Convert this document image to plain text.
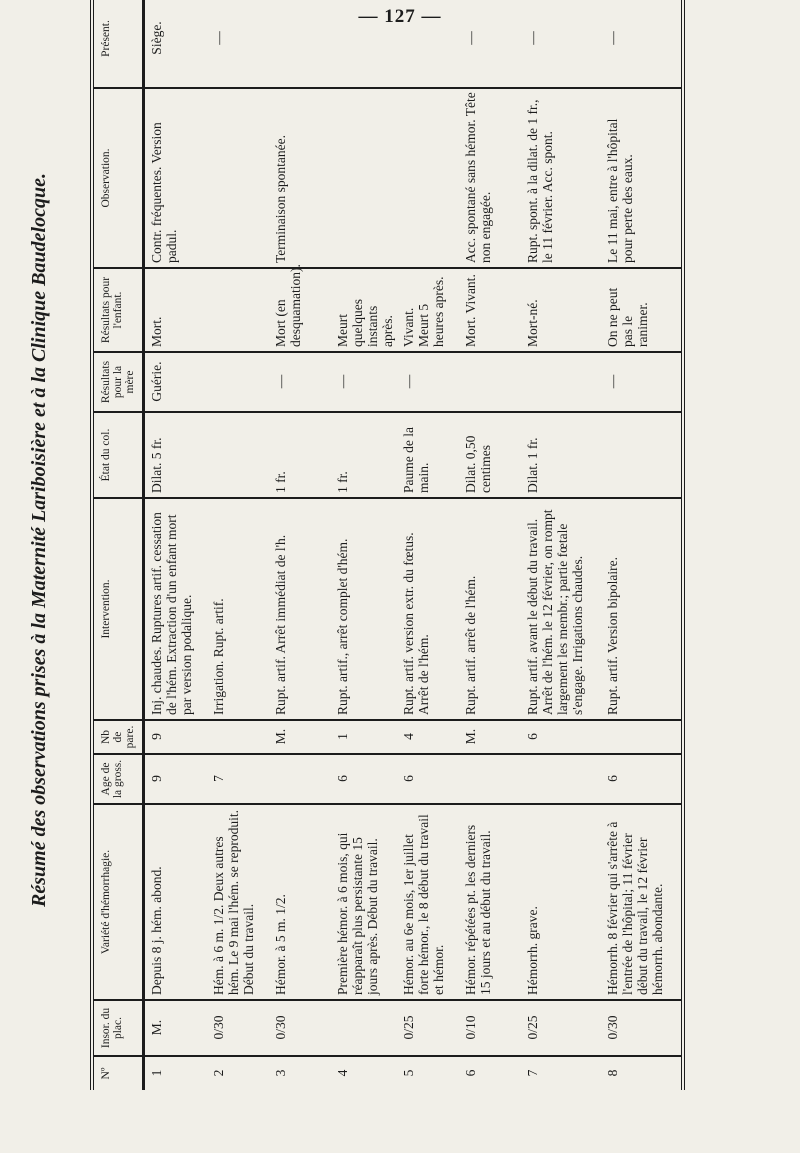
— 127 —
Résumé des observations prises à la Maternité Lariboisière et à la Clinique Baudelocque.
Nº	Insor. du plac.	Variété d'hémorrhagie.	Age de la gross.	Nb de pare.	Intervention.	État du col.	Résultats pour la mère	Résultats pour l'enfant.	Observation.	Présent.
1	M.	Depuis 8 j. hém. abond.	9	9	Inj. chaudes. Ruptures artif. cessation de l'hém. Extraction d'un enfant mort par version podalique.	Dilat. 5 fr.	Guérie.	Mort.	Contr. fréquentes. Version padul.	Siège.
2	0/30	Hém. à 6 m. 1/2. Deux autres hém. Le 9 mai l'hém. se reproduit. Début du travail.	7		Irrigation. Rupt. artif.					—
3	0/30	Hémor. à 5 m. 1/2.		M.	Rupt. artif. Arrêt immédiat de l'h.	1 fr.	—	Mort (en desquamation).	Terminaison spontanée.	
4		Première hémor. à 6 mois, qui réapparaît plus persistante 15 jours après. Début du travail.	6	1	Rupt. artif., arrêt complet d'hém.	1 fr.	—	Meurt quelques instants après.		
5	0/25	Hémor. au 6e mois, 1er juillet forte hémor., le 8 début du travail et hémor.	6	4	Rupt. artif. version extr. du fœtus. Arrêt de l'hém.	Paume de la main.	—	Vivant. Meurt 5 heures après.		
6	0/10	Hémor. répétées pt. les derniers 15 jours et au début du travail.		M.	Rupt. artif. arrêt de l'hém.	Dilat. 0,50 centimes		Mort. Vivant.	Acc. spontané sans hémor. Tête non engagée.	—
7	0/25	Hémorrh. grave.		6	Rupt. artif. avant le début du travail. Arrêt de l'hém. le 12 février, on rompt largement les membr.; partie fœtale s'engage. Irrigations chaudes.	Dilat. 1 fr.		Mort-né.	Rupt. spont. à la dilat. de 1 fr., le 11 février. Acc. spont.	—
8	0/30	Hémorrh. 8 février qui s'arrête à l'entrée de l'hôpital; 11 février début du travail, le 12 février hémorrh. abondante.	6		Rupt. artif. Version bipolaire.		—	On ne peut pas le ranimer.	Le 11 mai, entre à l'hôpital pour perte des eaux.	—
